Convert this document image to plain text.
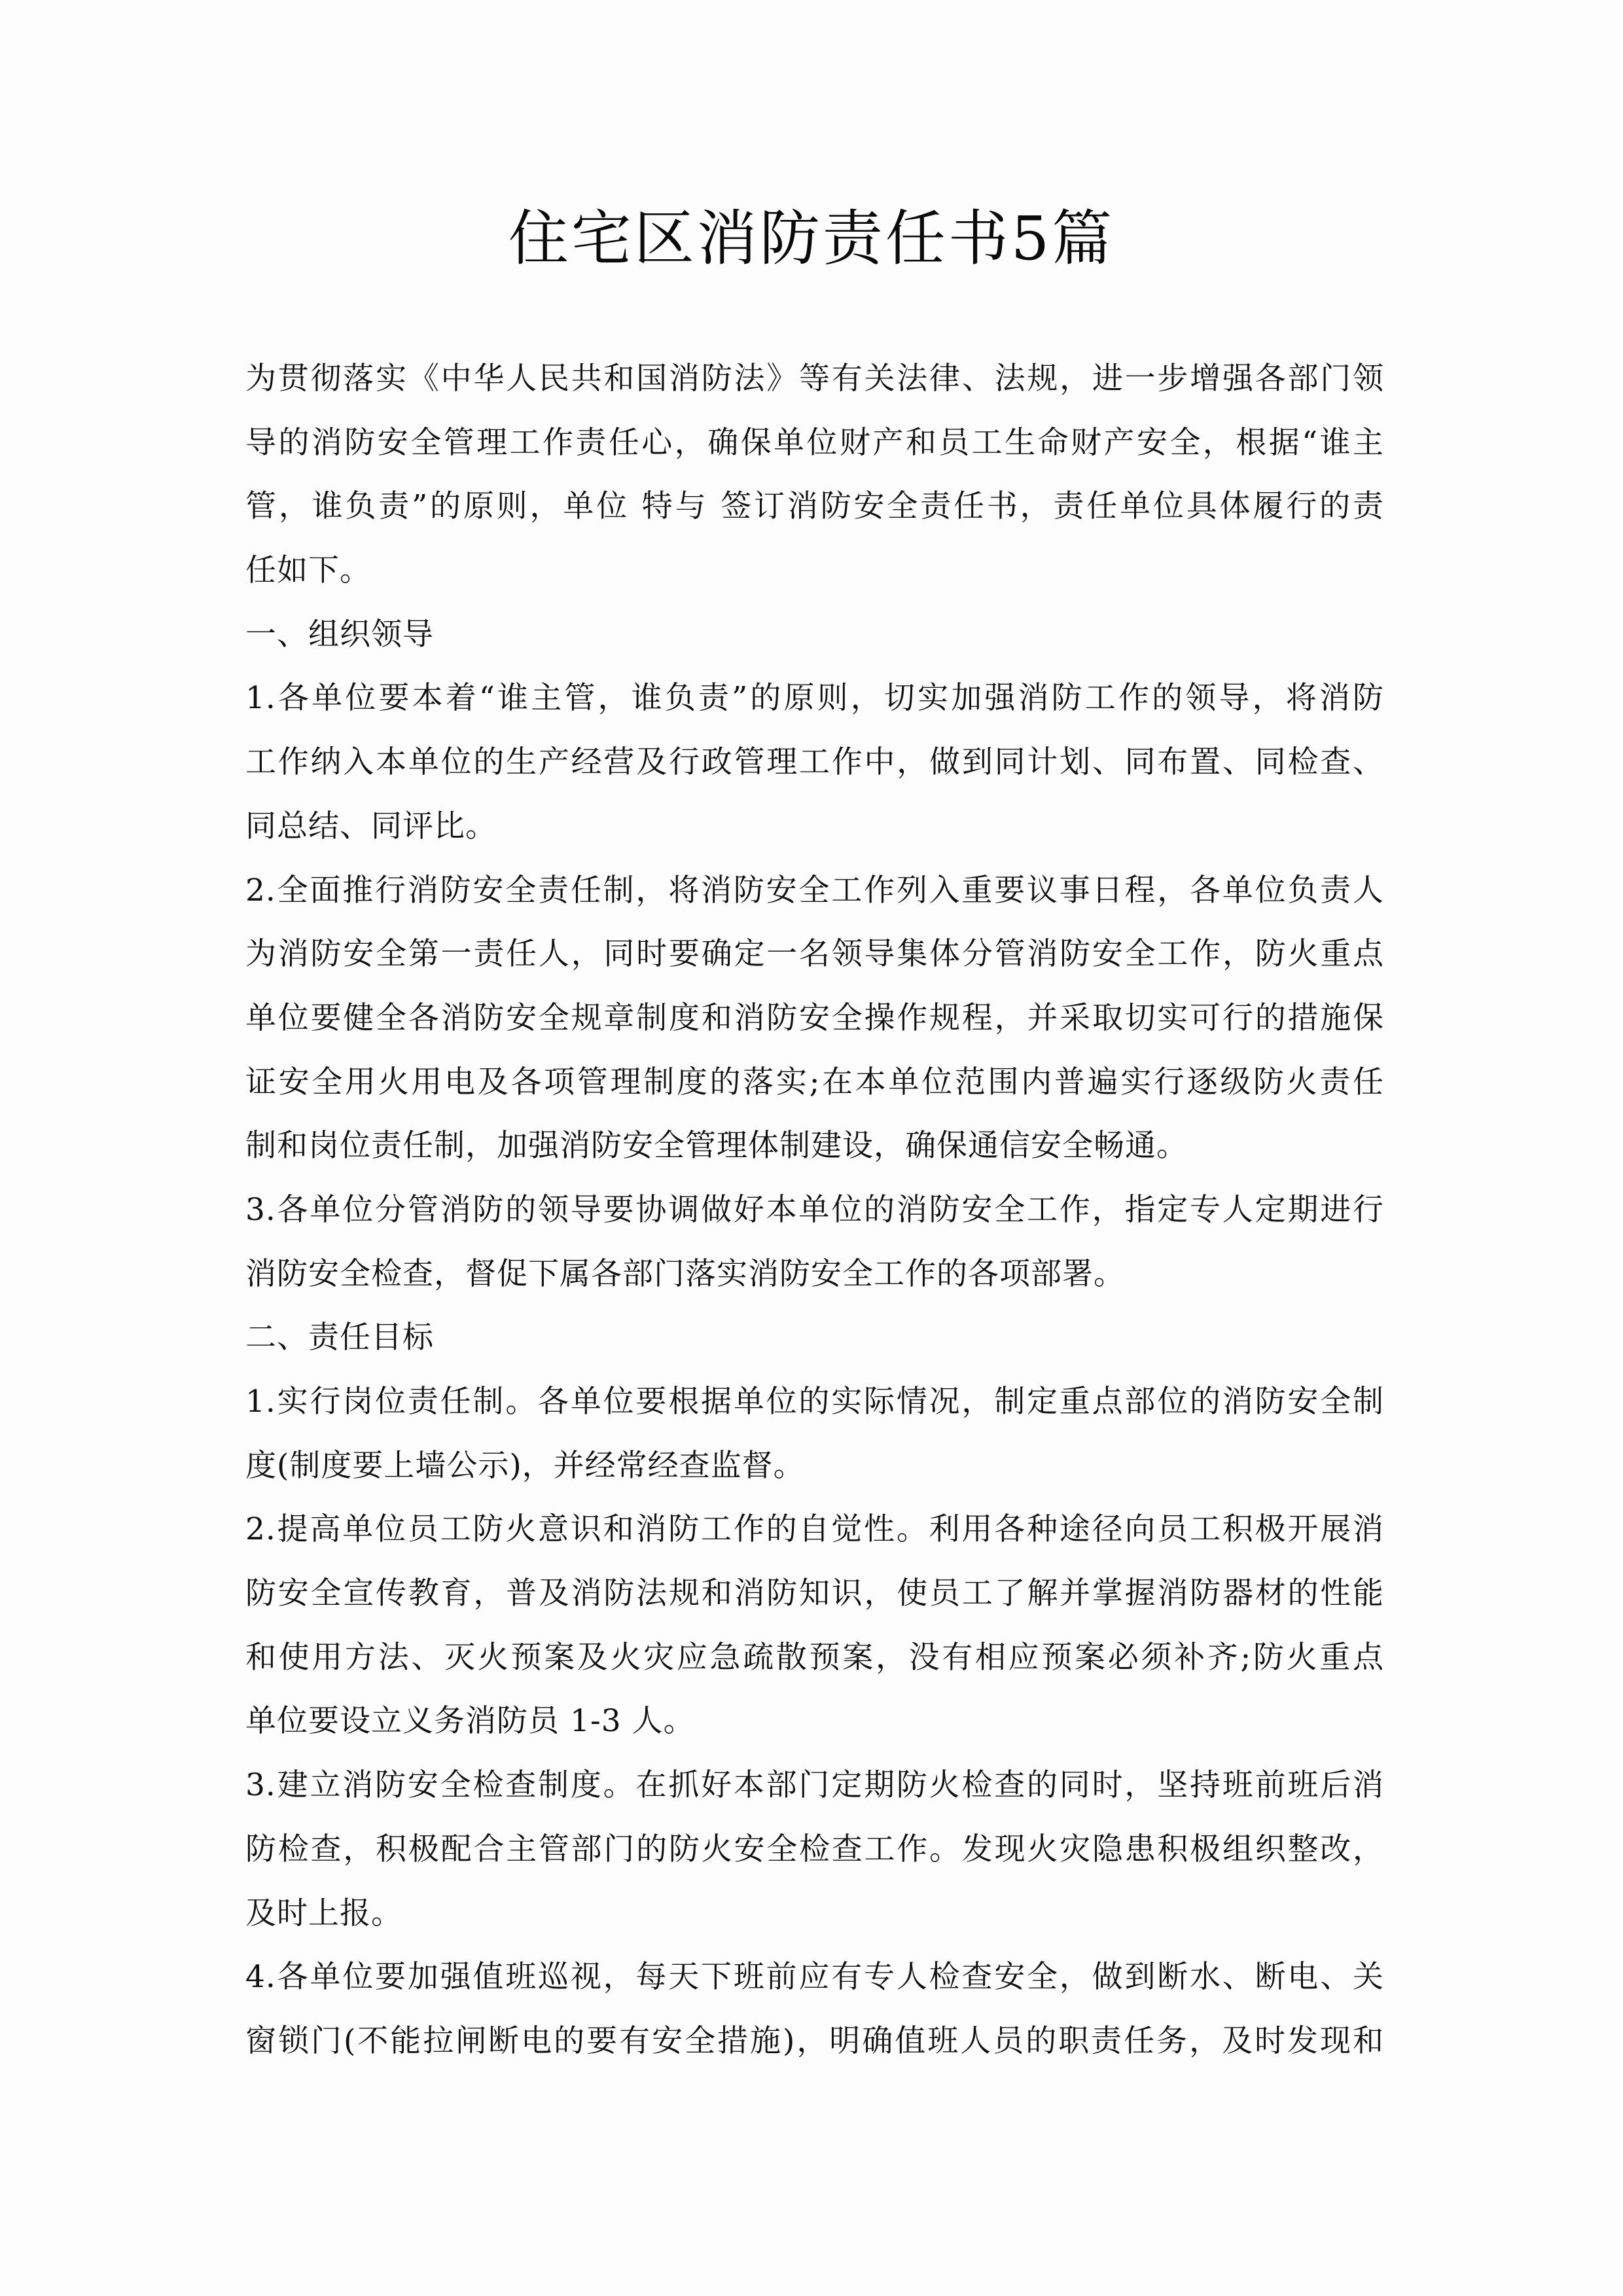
住宅区消防责任书5篇
为贯彻落实《中华人民共和国消防法》等有关法律、法规，进一步增强各部门领
导的消防安全管理工作责任心，确保单位财产和员工生命财产安全，根据“谁主
管，谁负责”的原则，单位 特与 签订消防安全责任书，责任单位具体履行的责
任如下。
一、组织领导
1.各单位要本着“谁主管，谁负责”的原则，切实加强消防工作的领导，将消防
工作纳入本单位的生产经营及行政管理工作中，做到同计划、同布置、同检查、
同总结、同评比。
2.全面推行消防安全责任制，将消防安全工作列入重要议事日程，各单位负责人
为消防安全第一责任人，同时要确定一名领导集体分管消防安全工作，防火重点
单位要健全各消防安全规章制度和消防安全操作规程，并采取切实可行的措施保
证安全用火用电及各项管理制度的落实;在本单位范围内普遍实行逐级防火责任
制和岗位责任制，加强消防安全管理体制建设，确保通信安全畅通。
3.各单位分管消防的领导要协调做好本单位的消防安全工作，指定专人定期进行
消防安全检查，督促下属各部门落实消防安全工作的各项部署。
二、责任目标
1.实行岗位责任制。各单位要根据单位的实际情况，制定重点部位的消防安全制
度(制度要上墙公示)，并经常经查监督。
2.提高单位员工防火意识和消防工作的自觉性。利用各种途径向员工积极开展消
防安全宣传教育，普及消防法规和消防知识，使员工了解并掌握消防器材的性能
和使用方法、灭火预案及火灾应急疏散预案，没有相应预案必须补齐;防火重点
单位要设立义务消防员 1-3 人。
3.建立消防安全检查制度。在抓好本部门定期防火检查的同时，坚持班前班后消
防检查，积极配合主管部门的防火安全检查工作。发现火灾隐患积极组织整改，
及时上报。
4.各单位要加强值班巡视，每天下班前应有专人检查安全，做到断水、断电、关
窗锁门(不能拉闸断电的要有安全措施)，明确值班人员的职责任务，及时发现和
